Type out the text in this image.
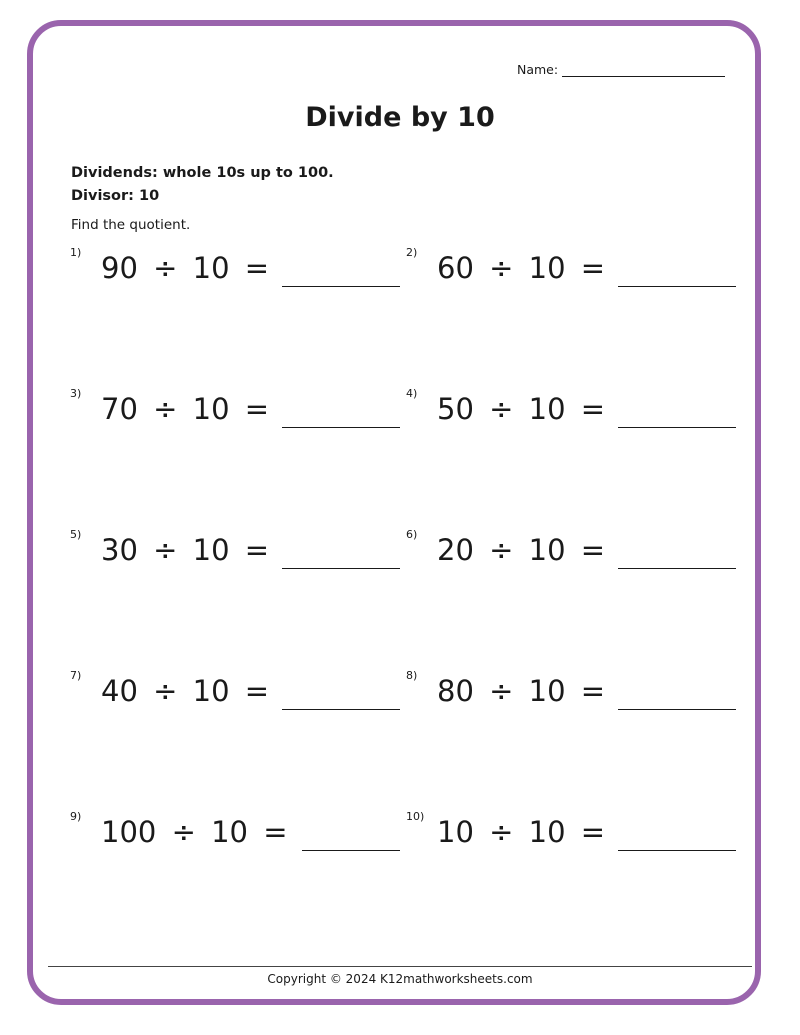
Name:
Divide by 10
Dividends: whole 10s up to 100.
Divisor: 10
Find the quotient.
1) 90 ÷ 10 =	2) 60 ÷ 10 =
3) 70 ÷ 10 =	4) 50 ÷ 10 =
5) 30 ÷ 10 =	6) 20 ÷ 10 =
7) 40 ÷ 10 =	8) 80 ÷ 10 =
9) 100 ÷ 10 =	10) 10 ÷ 10 =
Copyright © 2024 K12mathworksheets.com
